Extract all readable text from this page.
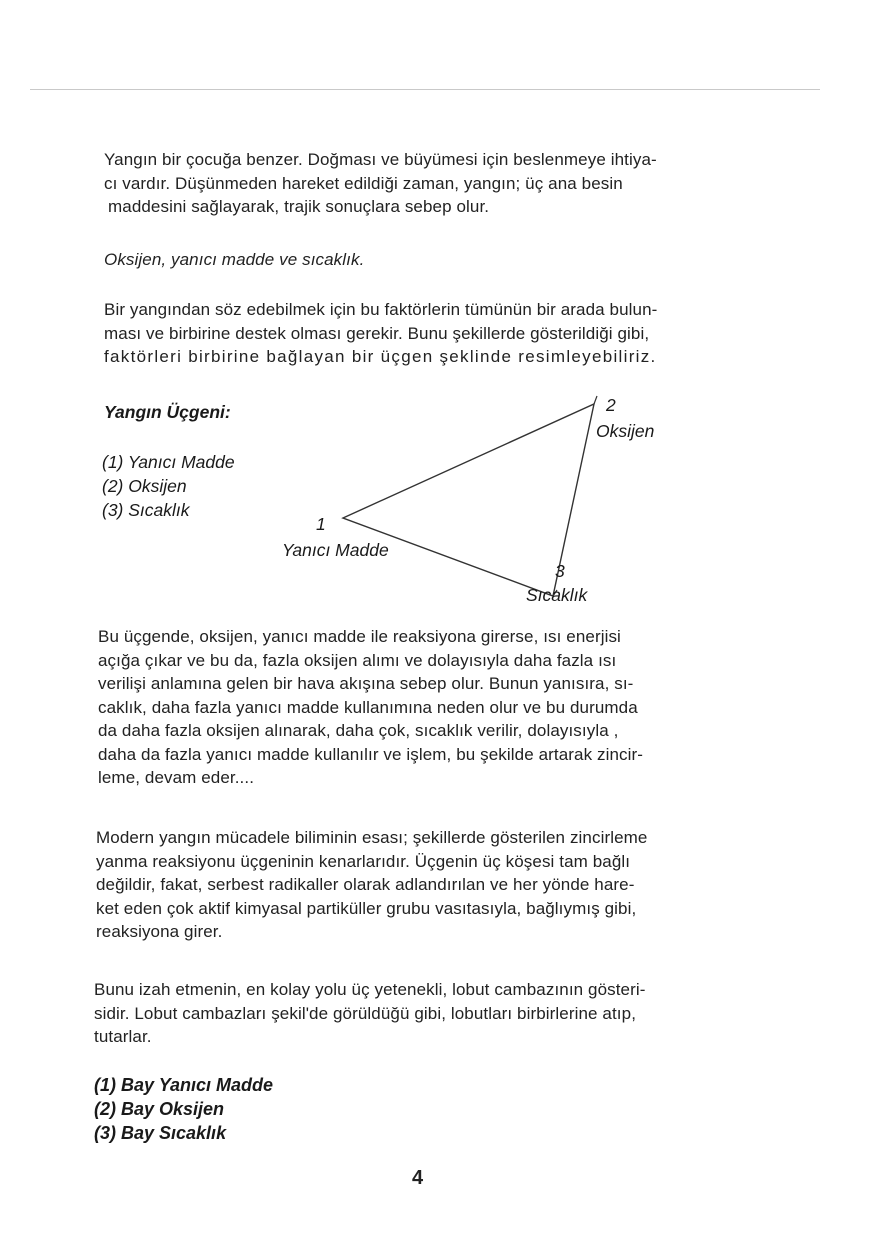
Yangın bir çocuğa benzer. Doğması ve büyümesi için beslenmeye ihtiya-
cı vardır. Düşünmeden hareket edildiği zaman, yangın; üç ana besin
maddesini sağlayarak, trajik sonuçlara sebep olur.

Oksijen, yanıcı madde ve sıcaklık.

Bir yangından söz edebilmek için bu faktörlerin tümünün bir arada bulun-
ması ve birbirine destek olması gerekir. Bunu şekillerde gösterildiği gibi,
faktörleri birbirine bağlayan bir üçgen şeklinde resimleyebiliriz.

Yangın Üçgeni:
(1) Yanıcı Madde
(2) Oksijen
(3) Sıcaklık
1
Yanıcı Madde
2
Oksijen
3
Sıcaklık

Bu üçgende, oksijen, yanıcı madde ile reaksiyona girerse, ısı enerjisi
açığa çıkar ve bu da, fazla oksijen alımı ve dolayısıyla daha fazla ısı
verilişi anlamına gelen bir hava akışına sebep olur. Bunun yanısıra, sı-
caklık, daha fazla yanıcı madde kullanımına neden olur ve bu durumda
da daha fazla oksijen alınarak, daha çok, sıcaklık verilir, dolayısıyla ,
daha da fazla yanıcı madde kullanılır ve işlem, bu şekilde artarak zincir-
leme, devam eder....

Modern yangın mücadele biliminin esası; şekillerde gösterilen zincirleme
yanma reaksiyonu üçgeninin kenarlarıdır. Üçgenin üç köşesi tam bağlı
değildir, fakat, serbest radikaller olarak adlandırılan ve her yönde hare-
ket eden çok aktif kimyasal partiküller grubu vasıtasıyla, bağlıymış gibi,
reaksiyona girer.

Bunu izah etmenin, en kolay yolu üç yetenekli, lobut cambazının gösteri-
sidir. Lobut cambazları şekil'de görüldüğü gibi, lobutları birbirlerine atıp,
tutarlar.

(1) Bay Yanıcı Madde
(2) Bay Oksijen
(3) Bay Sıcaklık
4
